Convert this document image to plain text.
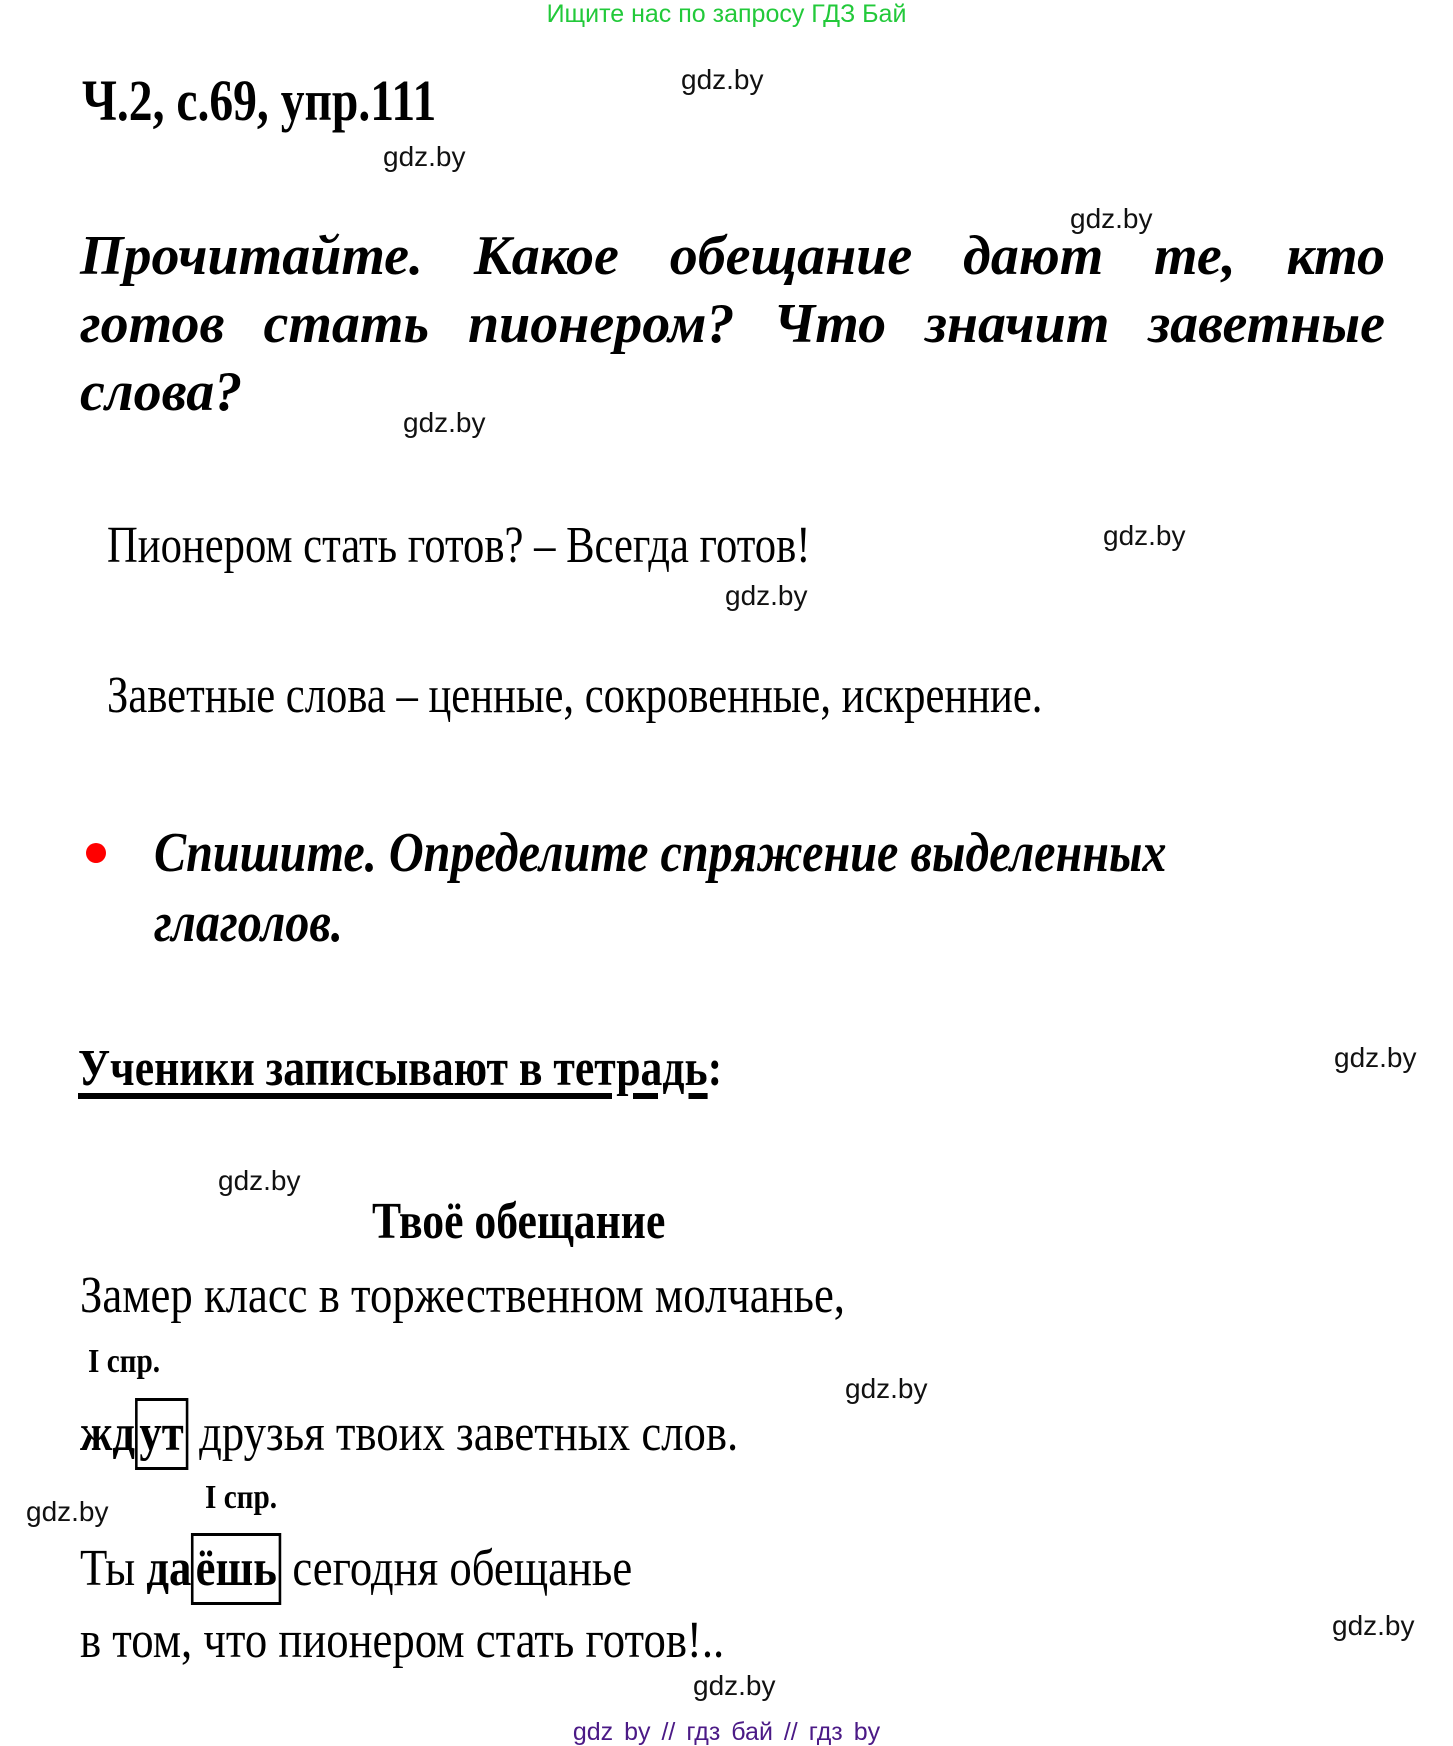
Ищите нас по запросу ГДЗ Бай
Ч.2, с.69, упр.111
Прочитайте. Какое обещание дают те, кто
готов стать пионером? Что значит заветные
слова?
Пионером стать готов? – Всегда готов!
Заветные слова – ценные, сокровенные, искренние.
Спишите. Определите спряжение выделенных
глаголов.
Ученики записывают в тетрадь:
Твоё обещание
Замер класс в торжественном молчанье,
I спр.
ждут друзья твоих заветных слов.
I спр.
Ты даёшь сегодня обещанье
в том, что пионером стать готов!..
gdz.by
gdz.by
gdz.by
gdz.by
gdz.by
gdz.by
gdz.by
gdz.by
gdz.by
gdz.by
gdz.by
gdz.by
gdz by // гдз бай // гдз by
